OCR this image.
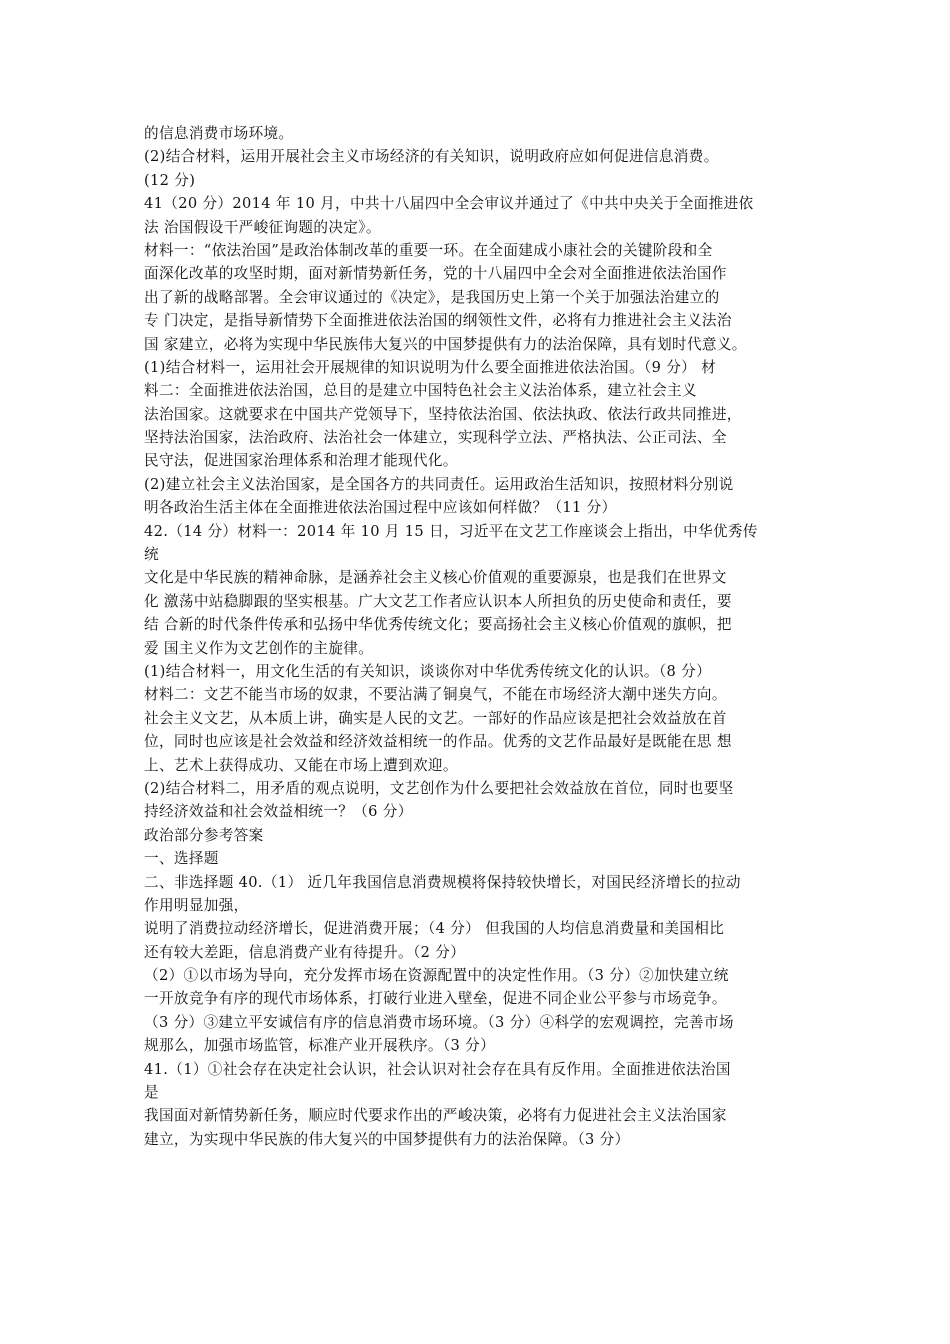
的信息消费市场环境。
(2)结合材料，运用开展社会主义市场经济的有关知识，说明政府应如何促进信息消费。
(12 分)
41（20 分）2014 年 10 月，中共十八届四中全会审议并通过了《中共中央关于全面推进依
法 治国假设干严峻征询题的决定》。
材料一：“依法治国”是政治体制改革的重要一环。在全面建成小康社会的关键阶段和全
面深化改革的攻坚时期，面对新情势新任务，党的十八届四中全会对全面推进依法治国作
出了新的战略部署。全会审议通过的《决定》，是我国历史上第一个关于加强法治建立的
专 门决定，是指导新情势下全面推进依法治国的纲领性文件，必将有力推进社会主义法治
国 家建立，必将为实现中华民族伟大复兴的中国梦提供有力的法治保障，具有划时代意义。
(1)结合材料一，运用社会开展规律的知识说明为什么要全面推进依法治国。（9 分） 材
料二：全面推进依法治国，总目的是建立中国特色社会主义法治体系，建立社会主义
法治国家。这就要求在中国共产党领导下，坚持依法治国、依法执政、依法行政共同推进，
坚持法治国家，法治政府、法治社会一体建立，实现科学立法、严格执法、公正司法、全
民守法，促进国家治理体系和治理才能现代化。
(2)建立社会主义法治国家，是全国各方的共同责任。运用政治生活知识，按照材料分别说
明各政治生活主体在全面推进依法治国过程中应该如何样做？（11 分）
42.（14 分）材料一：2014 年 10 月 15 日，习近平在文艺工作座谈会上指出，中华优秀传
统
文化是中华民族的精神命脉，是涵养社会主义核心价值观的重要源泉，也是我们在世界文
化 激荡中站稳脚跟的坚实根基。广大文艺工作者应认识本人所担负的历史使命和责任，要
结 合新的时代条件传承和弘扬中华优秀传统文化；要高扬社会主义核心价值观的旗帜，把
爱 国主义作为文艺创作的主旋律。
(1)结合材料一，用文化生活的有关知识，谈谈你对中华优秀传统文化的认识。（8 分）
材料二：文艺不能当市场的奴隶，不要沾满了铜臭气，不能在市场经济大潮中迷失方向。
社会主义文艺，从本质上讲，确实是人民的文艺。一部好的作品应该是把社会效益放在首
位，同时也应该是社会效益和经济效益相统一的作品。优秀的文艺作品最好是既能在思 想
上、艺术上获得成功、又能在市场上遭到欢迎。
(2)结合材料二，用矛盾的观点说明，文艺创作为什么要把社会效益放在首位，同时也要坚
持经济效益和社会效益相统一？（6 分）
政治部分参考答案
一、选择题
二、非选择题 40.（1） 近几年我国信息消费规模将保持较快增长，对国民经济增长的拉动
作用明显加强，
说明了消费拉动经济增长，促进消费开展；（4 分） 但我国的人均信息消费量和美国相比
还有较大差距，信息消费产业有待提升。（2 分）
（2）①以市场为导向，充分发挥市场在资源配置中的决定性作用。（3 分）②加快建立统
一开放竞争有序的现代市场体系，打破行业进入壁垒，促进不同企业公平参与市场竞争。
（3 分）③建立平安诚信有序的信息消费市场环境。（3 分）④科学的宏观调控，完善市场
规那么，加强市场监管，标准产业开展秩序。（3 分）
41.（1）①社会存在决定社会认识，社会认识对社会存在具有反作用。全面推进依法治国
是
我国面对新情势新任务，顺应时代要求作出的严峻决策，必将有力促进社会主义法治国家
建立，为实现中华民族的伟大复兴的中国梦提供有力的法治保障。（3 分）
